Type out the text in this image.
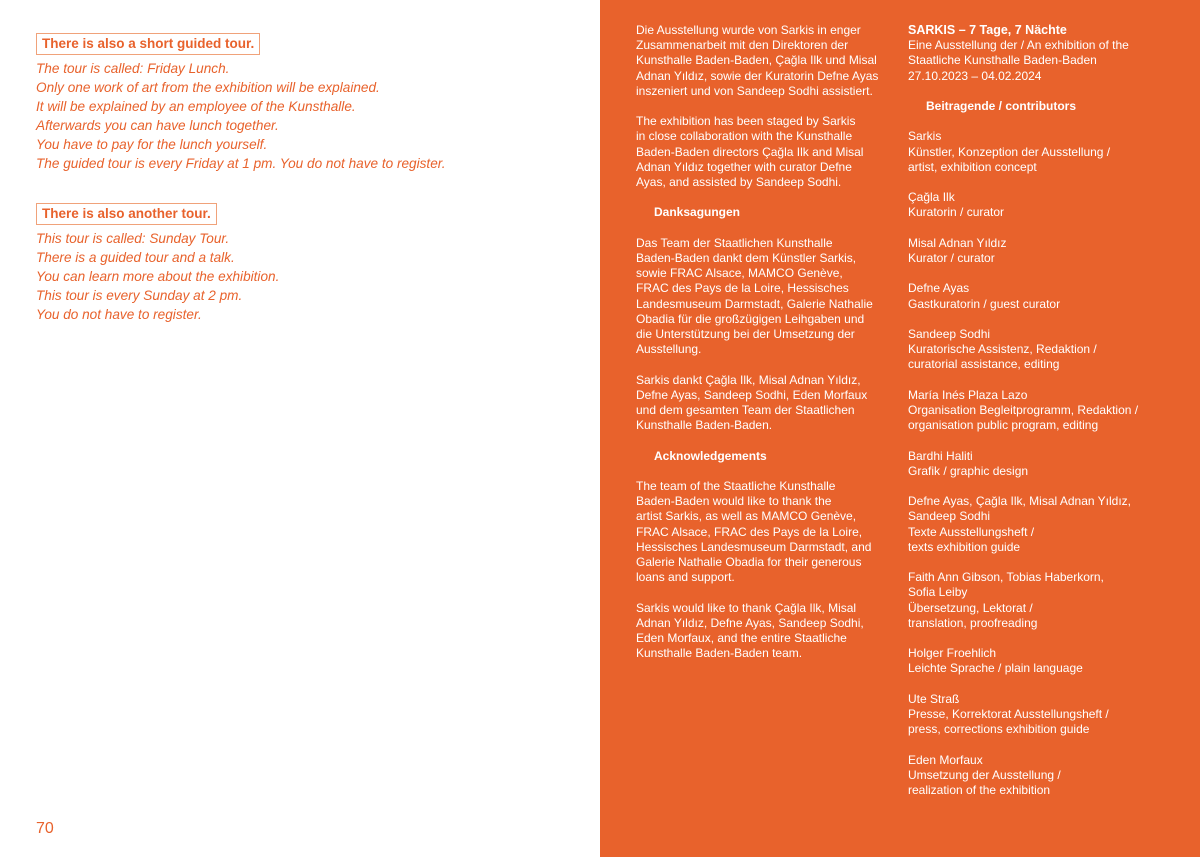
There is also a short guided tour.
The tour is called: Friday Lunch.
Only one work of art from the exhibition will be explained.
It will be explained by an employee of the Kunsthalle.
Afterwards you can have lunch together.
You have to pay for the lunch yourself.
The guided tour is every Friday at 1 pm. You do not have to register.
There is also another tour.
This tour is called: Sunday Tour.
There is a guided tour and a talk.
You can learn more about the exhibition.
This tour is every Sunday at 2 pm.
You do not have to register.
70
Die Ausstellung wurde von Sarkis in enger
Zusammenarbeit mit den Direktoren der
Kunsthalle Baden-Baden, Çağla Ilk und Misal
Adnan Yıldız, sowie der Kuratorin Defne Ayas
inszeniert und von Sandeep Sodhi assistiert.
The exhibition has been staged by Sarkis
in close collaboration with the Kunsthalle
Baden-Baden directors Çağla Ilk and Misal
Adnan Yıldız together with curator Defne
Ayas, and assisted by Sandeep Sodhi.
Danksagungen
Das Team der Staatlichen Kunsthalle
Baden-Baden dankt dem Künstler Sarkis,
sowie FRAC Alsace, MAMCO Genève,
FRAC des Pays de la Loire, Hessisches
Landesmuseum Darmstadt, Galerie Nathalie
Obadia für die großzügigen Leihgaben und
die Unterstützung bei der Umsetzung der
Ausstellung.
Sarkis dankt Çağla Ilk, Misal Adnan Yıldız,
Defne Ayas, Sandeep Sodhi, Eden Morfaux
und dem gesamten Team der Staatlichen
Kunsthalle Baden-Baden.
Acknowledgements
The team of the Staatliche Kunsthalle
Baden-Baden would like to thank the
artist Sarkis, as well as MAMCO Genève,
FRAC Alsace, FRAC des Pays de la Loire,
Hessisches Landesmuseum Darmstadt, and
Galerie Nathalie Obadia for their generous
loans and support.
Sarkis would like to thank Çağla Ilk, Misal
Adnan Yıldız, Defne Ayas, Sandeep Sodhi,
Eden Morfaux, and the entire Staatliche
Kunsthalle Baden-Baden team.
SARKIS – 7 Tage, 7 Nächte
Eine Ausstellung der / An exhibition of the
Staatliche Kunsthalle Baden-Baden
27.10.2023 – 04.02.2024
Beitragende / contributors
Sarkis
Künstler, Konzeption der Ausstellung /
artist, exhibition concept
Çağla Ilk
Kuratorin / curator
Misal Adnan Yıldız
Kurator / curator
Defne Ayas
Gastkuratorin / guest curator
Sandeep Sodhi
Kuratorische Assistenz, Redaktion /
curatorial assistance, editing
María Inés Plaza Lazo
Organisation Begleitprogramm, Redaktion /
organisation public program, editing
Bardhi Haliti
Grafik / graphic design
Defne Ayas, Çağla Ilk, Misal Adnan Yıldız,
Sandeep Sodhi
Texte Ausstellungsheft /
texts exhibition guide
Faith Ann Gibson, Tobias Haberkorn,
Sofia Leiby
Übersetzung, Lektorat /
translation, proofreading
Holger Froehlich
Leichte Sprache / plain language
Ute Straß
Presse, Korrektorat Ausstellungsheft /
press, corrections exhibition guide
Eden Morfaux
Umsetzung der Ausstellung /
realization of the exhibition
